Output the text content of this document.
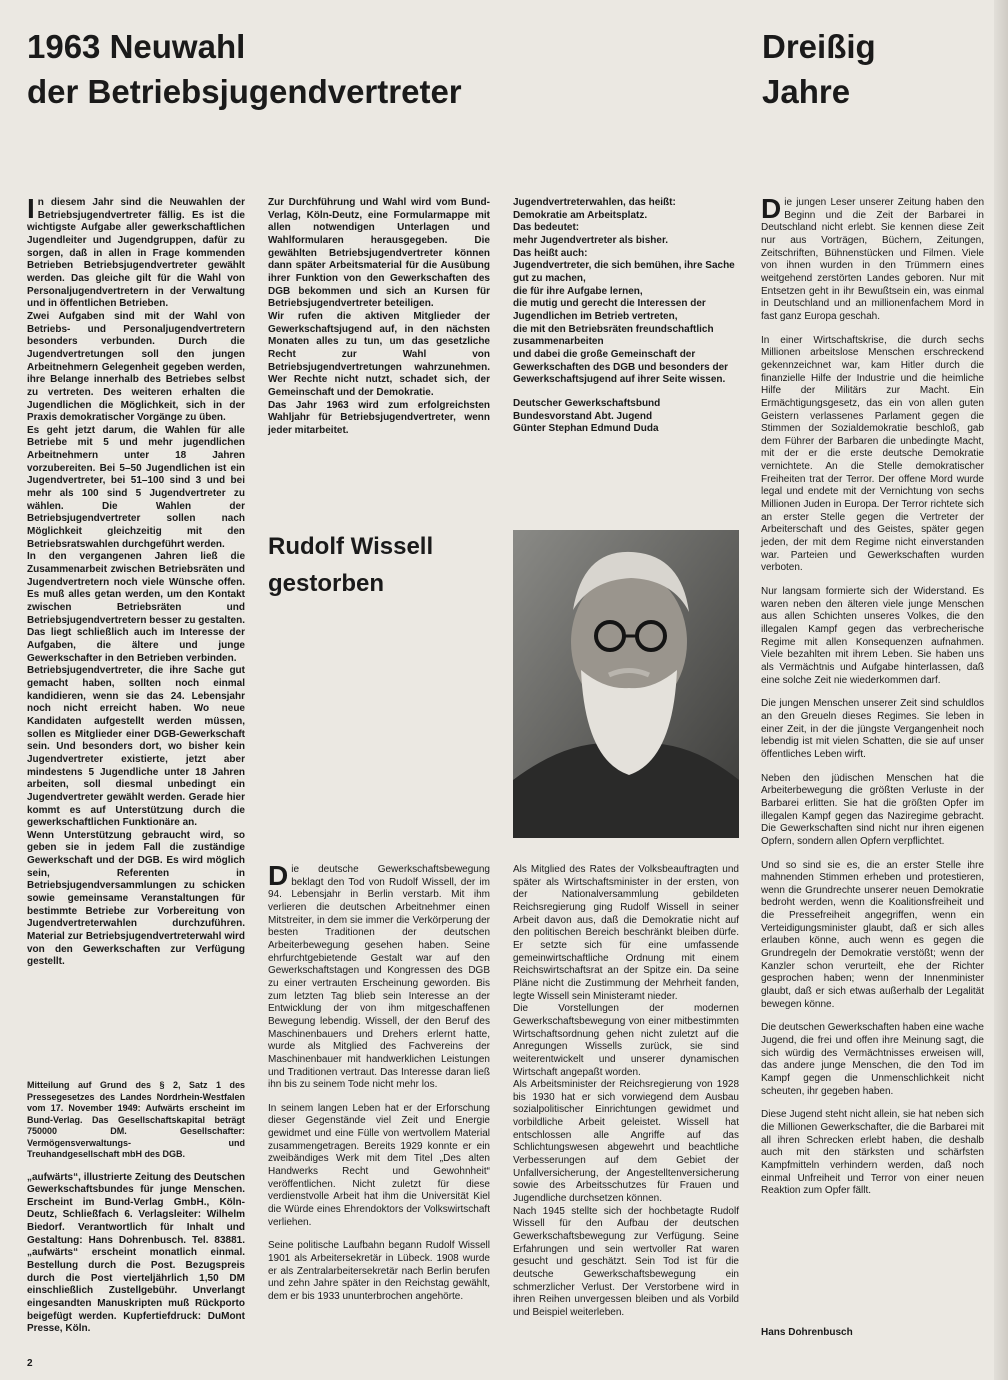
1963 Neuwahl
der Betriebsjugendvertreter
Dreißig
Jahre
I n diesem Jahr sind die Neuwahlen der Betriebsjugendvertreter fällig. Es ist die wichtigste Aufgabe aller gewerkschaftlichen Jugendleiter und Jugendgruppen, dafür zu sorgen, daß in allen in Frage kommenden Betrieben Betriebsjugendvertreter gewählt werden. Das gleiche gilt für die Wahl von Personaljugendvertretern in der Verwaltung und in öffentlichen Betrieben.

Zwei Aufgaben sind mit der Wahl von Betriebs- und Personaljugendvertretern besonders verbunden. Durch die Jugendvertretungen soll den jungen Arbeitnehmern Gelegenheit gegeben werden, ihre Belange innerhalb des Betriebes selbst zu vertreten. Des weiteren erhalten die Jugendlichen die Möglichkeit, sich in der Praxis demokratischer Vorgänge zu üben.

Es geht jetzt darum, die Wahlen für alle Betriebe mit 5 und mehr jugendlichen Arbeitnehmern unter 18 Jahren vorzubereiten. Bei 5–50 Jugendlichen ist ein Jugendvertreter, bei 51–100 sind 3 und bei mehr als 100 sind 5 Jugendvertreter zu wählen. Die Wahlen der Betriebsjugendvertreter sollen nach Möglichkeit gleichzeitig mit den Betriebsratswahlen durchgeführt werden.

In den vergangenen Jahren ließ die Zusammenarbeit zwischen Betriebsräten und Jugendvertretern noch viele Wünsche offen. Es muß alles getan werden, um den Kontakt zwischen Betriebsräten und Betriebsjugendvertretern besser zu gestalten. Das liegt schließlich auch im Interesse der Aufgaben, die ältere und junge Gewerkschafter in den Betrieben verbinden.

Betriebsjugendvertreter, die ihre Sache gut gemacht haben, sollten noch einmal kandidieren, wenn sie das 24. Lebensjahr noch nicht erreicht haben. Wo neue Kandidaten aufgestellt werden müssen, sollen es Mitglieder einer DGB-Gewerkschaft sein. Und besonders dort, wo bisher kein Jugendvertreter existierte, jetzt aber mindestens 5 Jugendliche unter 18 Jahren arbeiten, soll diesmal unbedingt ein Jugendvertreter gewählt werden. Gerade hier kommt es auf Unterstützung durch die gewerkschaftlichen Funktionäre an.

Wenn Unterstützung gebraucht wird, so geben sie in jedem Fall die zuständige Gewerkschaft und der DGB. Es wird möglich sein, Referenten in Betriebsjugendversammlungen zu schicken sowie gemeinsame Veranstaltungen für bestimmte Betriebe zur Vorbereitung von Jugendvertreterwahlen durchzuführen. Material zur Betriebsjugendvertreterwahl wird von den Gewerkschaften zur Verfügung gestellt.

Zur Durchführung und Wahl wird vom Bund-Verlag, Köln-Deutz, eine Formularmappe mit allen notwendigen Unterlagen und Wahlformularen herausgegeben. Die gewählten Betriebsjugendvertreter können dann später Arbeitsmaterial für die Ausübung ihrer Funktion von den Gewerkschaften des DGB bekommen und sich an Kursen für Betriebsjugendvertreter beteiligen.

Wir rufen die aktiven Mitglieder der Gewerkschaftsjugend auf, in den nächsten Monaten alles zu tun, um das gesetzliche Recht zur Wahl von Betriebsjugendvertretungen wahrzunehmen. Wer Rechte nicht nutzt, schadet sich, der Gemeinschaft und der Demokratie.

Das Jahr 1963 wird zum erfolgreichsten Wahljahr für Betriebsjugendvertreter, wenn jeder mitarbeitet.

Jugendvertreterwahlen, das heißt:

Demokratie am Arbeitsplatz.

Das bedeutet:

mehr Jugendvertreter als bisher.

Das heißt auch:

Jugendvertreter, die sich bemühen, ihre Sache gut zu machen,

die für ihre Aufgabe lernen,

die mutig und gerecht die Interessen der Jugendlichen im Betrieb vertreten,

die mit den Betriebsräten freundschaftlich zusammenarbeiten

und dabei die große Gemeinschaft der Gewerkschaften des DGB und besonders der Gewerkschaftsjugend auf ihrer Seite wissen.

Deutscher Gewerkschaftsbund

Bundesvorstand Abt. Jugend

Günter Stephan Edmund Duda

D ie jungen Leser unserer Zeitung haben den Beginn und die Zeit der Barbarei in Deutschland nicht erlebt. Sie kennen diese Zeit nur aus Vorträgen, Büchern, Zeitungen, Zeitschriften, Bühnenstücken und Filmen. Viele von ihnen wurden in den Trümmern eines weitgehend zerstörten Landes geboren. Nur mit Entsetzen geht in ihr Bewußtsein ein, was einmal in Deutschland und an millionenfachem Mord in fast ganz Europa geschah.

In einer Wirtschaftskrise, die durch sechs Millionen arbeitslose Menschen erschreckend gekennzeichnet war, kam Hitler durch die finanzielle Hilfe der Industrie und die heimliche Hilfe der Militärs zur Macht. Ein Ermächtigungsgesetz, das ein von allen guten Geistern verlassenes Parlament gegen die Stimmen der Sozialdemokratie beschloß, gab dem Führer der Barbaren die unbedingte Macht, mit der er die erste deutsche Demokratie vernichtete. An die Stelle demokratischer Freiheiten trat der Terror. Der offene Mord wurde legal und endete mit der Vernichtung von sechs Millionen Juden in Europa. Der Terror richtete sich an erster Stelle gegen die Vertreter der Arbeiterschaft und des Geistes, später gegen jeden, der mit dem Regime nicht einverstanden war. Parteien und Gewerkschaften wurden verboten.

Nur langsam formierte sich der Widerstand. Es waren neben den älteren viele junge Menschen aus allen Schichten unseres Volkes, die den illegalen Kampf gegen das verbrecherische Regime mit allen Konsequenzen aufnahmen. Viele bezahlten mit ihrem Leben. Sie haben uns als Vermächtnis und Aufgabe hinterlassen, daß eine solche Zeit nie wiederkommen darf.

Die jungen Menschen unserer Zeit sind schuldlos an den Greueln dieses Regimes. Sie leben in einer Zeit, in der die jüngste Vergangenheit noch lebendig ist mit vielen Schatten, die sie auf unser öffentliches Leben wirft.

Neben den jüdischen Menschen hat die Arbeiterbewegung die größten Verluste in der Barbarei erlitten. Sie hat die größten Opfer im illegalen Kampf gegen das Naziregime gebracht. Die Gewerkschaften sind nicht nur ihren eigenen Opfern, sondern allen Opfern verpflichtet.

Und so sind sie es, die an erster Stelle ihre mahnenden Stimmen erheben und protestieren, wenn die Grundrechte unserer neuen Demokratie bedroht werden, wenn die Koalitionsfreiheit und die Pressefreiheit angegriffen, wenn ein Verteidigungsminister glaubt, daß er sich alles erlauben könne, auch wenn es gegen die Grundregeln der Demokratie verstößt; wenn der Kanzler schon verurteilt, ehe der Richter gesprochen haben; wenn der Innenminister glaubt, daß er sich etwas außerhalb der Legalität bewegen könne.

Die deutschen Gewerkschaften haben eine wache Jugend, die frei und offen ihre Meinung sagt, die sich würdig des Vermächtnisses erweisen will, das andere junge Menschen, die den Tod im Kampf gegen die Unmenschlichkeit nicht scheuten, ihr gegeben haben.

Diese Jugend steht nicht allein, sie hat neben sich die Millionen Gewerkschafter, die die Barbarei mit all ihren Schrecken erlebt haben, die deshalb auch mit den stärksten und schärfsten Kampfmitteln verhindern werden, daß noch einmal Unfreiheit und Terror von einer neuen Reaktion zum Opfer fällt.

Hans Dohrenbusch

Mitteilung auf Grund des § 2, Satz 1 des Pressegesetzes des Landes Nordrhein-Westfalen vom 17. November 1949: Aufwärts erscheint im Bund-Verlag. Das Gesellschaftskapital beträgt 750000 DM. Gesellschafter: Vermögensverwaltungs- und Treuhandgesellschaft mbH des DGB.

„aufwärts“, illustrierte Zeitung des Deutschen Gewerkschaftsbundes für junge Menschen. Erscheint im Bund-Verlag GmbH., Köln-Deutz, Schließfach 6. Verlagsleiter: Wilhelm Biedorf. Verantwortlich für Inhalt und Gestaltung: Hans Dohrenbusch. Tel. 83881. „aufwärts“ erscheint monatlich einmal. Bestellung durch die Post. Bezugspreis durch die Post vierteljährlich 1,50 DM einschließlich Zustellgebühr. Unverlangt eingesandten Manuskripten muß Rückporto beigefügt werden. Kupfertiefdruck: DuMont Presse, Köln.

Rudolf Wissell
gestorben
D ie deutsche Gewerkschaftsbewegung beklagt den Tod von Rudolf Wissell, der im 94. Lebensjahr in Berlin verstarb. Mit ihm verlieren die deutschen Arbeitnehmer einen Mitstreiter, in dem sie immer die Verkörperung der besten Traditionen der deutschen Arbeiterbewegung gesehen haben. Seine ehrfurchtgebietende Gestalt war auf den Gewerkschaftstagen und Kongressen des DGB zu einer vertrauten Erscheinung geworden. Bis zum letzten Tag blieb sein Interesse an der Entwicklung der von ihm mitgeschaffenen Bewegung lebendig. Wissell, der den Beruf des Maschinenbauers und Drehers erlernt hatte, wurde als Mitglied des Fachvereins der Maschinenbauer mit handwerklichen Leistungen und Traditionen vertraut. Das Interesse daran ließ ihn bis zu seinem Tode nicht mehr los.

In seinem langen Leben hat er der Erforschung dieser Gegenstände viel Zeit und Energie gewidmet und eine Fülle von wertvollem Material zusammengetragen. Bereits 1929 konnte er ein zweibändiges Werk mit dem Titel „Des alten Handwerks Recht und Gewohnheit“ veröffentlichen. Nicht zuletzt für diese verdienstvolle Arbeit hat ihm die Universität Kiel die Würde eines Ehrendoktors der Volkswirtschaft verliehen.

Seine politische Laufbahn begann Rudolf Wissell 1901 als Arbeitersekretär in Lübeck. 1908 wurde er als Zentralarbeitersekretär nach Berlin berufen und zehn Jahre später in den Reichstag gewählt, dem er bis 1933 ununterbrochen angehörte.

Als Mitglied des Rates der Volksbeauftragten und später als Wirtschaftsminister in der ersten, von der Nationalversammlung gebildeten Reichsregierung ging Rudolf Wissell in seiner Arbeit davon aus, daß die Demokratie nicht auf den politischen Bereich beschränkt bleiben dürfe. Er setzte sich für eine umfassende gemeinwirtschaftliche Ordnung mit einem Reichswirtschaftsrat an der Spitze ein. Da seine Pläne nicht die Zustimmung der Mehrheit fanden, legte Wissell sein Ministeramt nieder.

Die Vorstellungen der modernen Gewerkschaftsbewegung von einer mitbestimmten Wirtschaftsordnung gehen nicht zuletzt auf die Anregungen Wissells zurück, sie sind weiterentwickelt und unserer dynamischen Wirtschaft angepaßt worden.

Als Arbeitsminister der Reichsregierung von 1928 bis 1930 hat er sich vorwiegend dem Ausbau sozialpolitischer Einrichtungen gewidmet und vorbildliche Arbeit geleistet. Wissell hat entschlossen alle Angriffe auf das Schlichtungswesen abgewehrt und beachtliche Verbesserungen auf dem Gebiet der Unfallversicherung, der Angestelltenversicherung sowie des Arbeitsschutzes für Frauen und Jugendliche durchsetzen können.

Nach 1945 stellte sich der hochbetagte Rudolf Wissell für den Aufbau der deutschen Gewerkschaftsbewegung zur Verfügung. Seine Erfahrungen und sein wertvoller Rat waren gesucht und geschätzt. Sein Tod ist für die deutsche Gewerkschaftsbewegung ein schmerzlicher Verlust. Der Verstorbene wird in ihren Reihen unvergessen bleiben und als Vorbild und Beispiel weiterleben.

2
